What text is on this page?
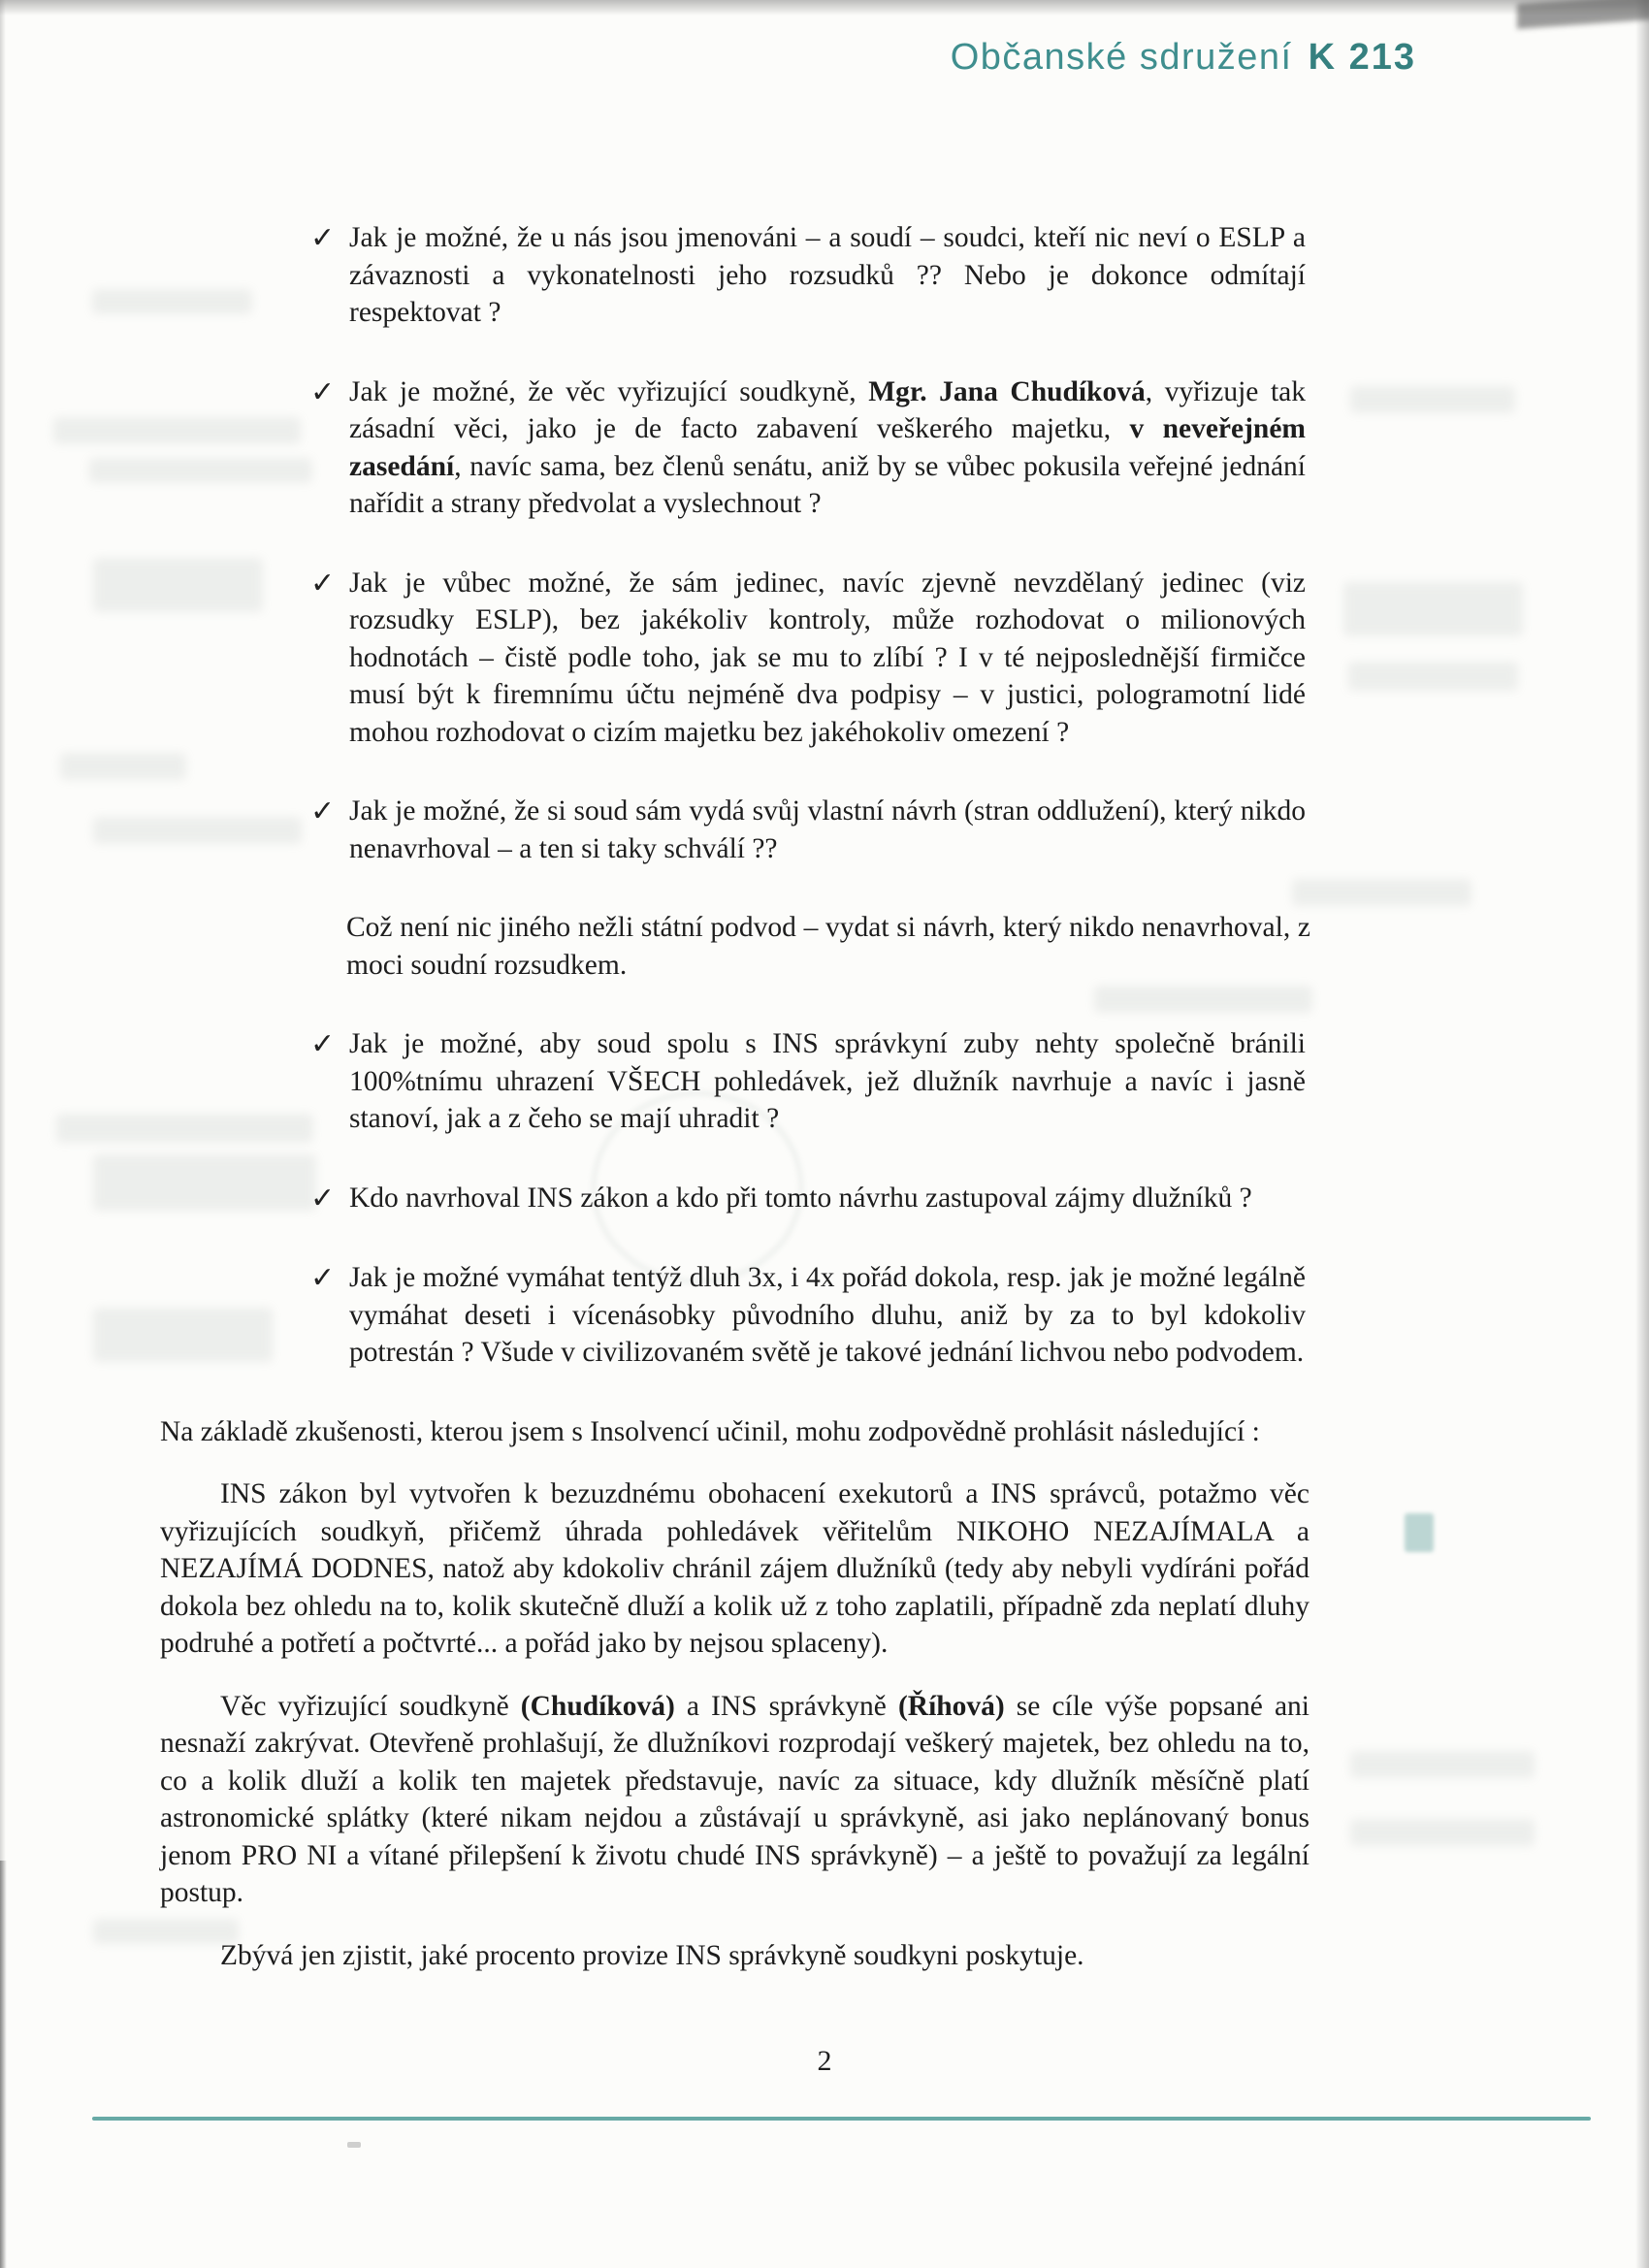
Občanské sdružení K 213
✓ Jak je možné, že u nás jsou jmenováni – a soudí – soudci, kteří nic neví o ESLP a závaznosti a vykonatelnosti jeho rozsudků ?? Nebo je dokonce odmítají respektovat ?

✓ Jak je možné, že věc vyřizující soudkyně, Mgr. Jana Chudíková, vyřizuje tak zásadní věci, jako je de facto zabavení veškerého majetku, v neveřejném zasedání, navíc sama, bez členů senátu, aniž by se vůbec pokusila veřejné jednání nařídit a strany předvolat a vyslechnout ?

✓ Jak je vůbec možné, že sám jedinec, navíc zjevně nevzdělaný jedinec (viz rozsudky ESLP), bez jakékoliv kontroly, může rozhodovat o milionových hodnotách – čistě podle toho, jak se mu to zlíbí ? I v té nejposlednější firmičce musí být k firemnímu účtu nejméně dva podpisy – v justici, pologramotní lidé mohou rozhodovat o cizím majetku bez jakéhokoliv omezení ?

✓ Jak je možné, že si soud sám vydá svůj vlastní návrh (stran oddlužení), který nikdo nenavrhoval – a ten si taky schválí ??

Což není nic jiného nežli státní podvod – vydat si návrh, který nikdo nenavrhoval, z moci soudní rozsudkem.

✓ Jak je možné, aby soud spolu s INS správkyní zuby nehty společně bránili 100%tnímu uhrazení VŠECH pohledávek, jež dlužník navrhuje a navíc i jasně stanoví, jak a z čeho se mají uhradit ?

✓ Kdo navrhoval INS zákon a kdo při tomto návrhu zastupoval zájmy dlužníků ?

✓ Jak je možné vymáhat tentýž dluh 3x, i 4x pořád dokola, resp. jak je možné legálně vymáhat deseti i vícenásobky původního dluhu, aniž by za to byl kdokoliv potrestán ? Všude v civilizovaném světě je takové jednání lichvou nebo podvodem.

Na základě zkušenosti, kterou jsem s Insolvencí učinil, mohu zodpovědně prohlásit následující :

INS zákon byl vytvořen k bezuzdnému obohacení exekutorů a INS správců, potažmo věc vyřizujících soudkyň, přičemž úhrada pohledávek věřitelům NIKOHO NEZAJÍMALA a NEZAJÍMÁ DODNES, natož aby kdokoliv chránil zájem dlužníků (tedy aby nebyli vydíráni pořád dokola bez ohledu na to, kolik skutečně dluží a kolik už z toho zaplatili, případně zda neplatí dluhy podruhé a potřetí a počtvrté... a pořád jako by nejsou splaceny).

Věc vyřizující soudkyně (Chudíková) a INS správkyně (Říhová) se cíle výše popsané ani nesnaží zakrývat. Otevřeně prohlašují, že dlužníkovi rozprodají veškerý majetek, bez ohledu na to, co a kolik dluží a kolik ten majetek představuje, navíc za situace, kdy dlužník měsíčně platí astronomické splátky (které nikam nejdou a zůstávají u správkyně, asi jako neplánovaný bonus jenom PRO NI a vítané přilepšení k životu chudé INS správkyně) – a ještě to považují za legální postup.

Zbývá jen zjistit, jaké procento provize INS správkyně soudkyni poskytuje.

2
